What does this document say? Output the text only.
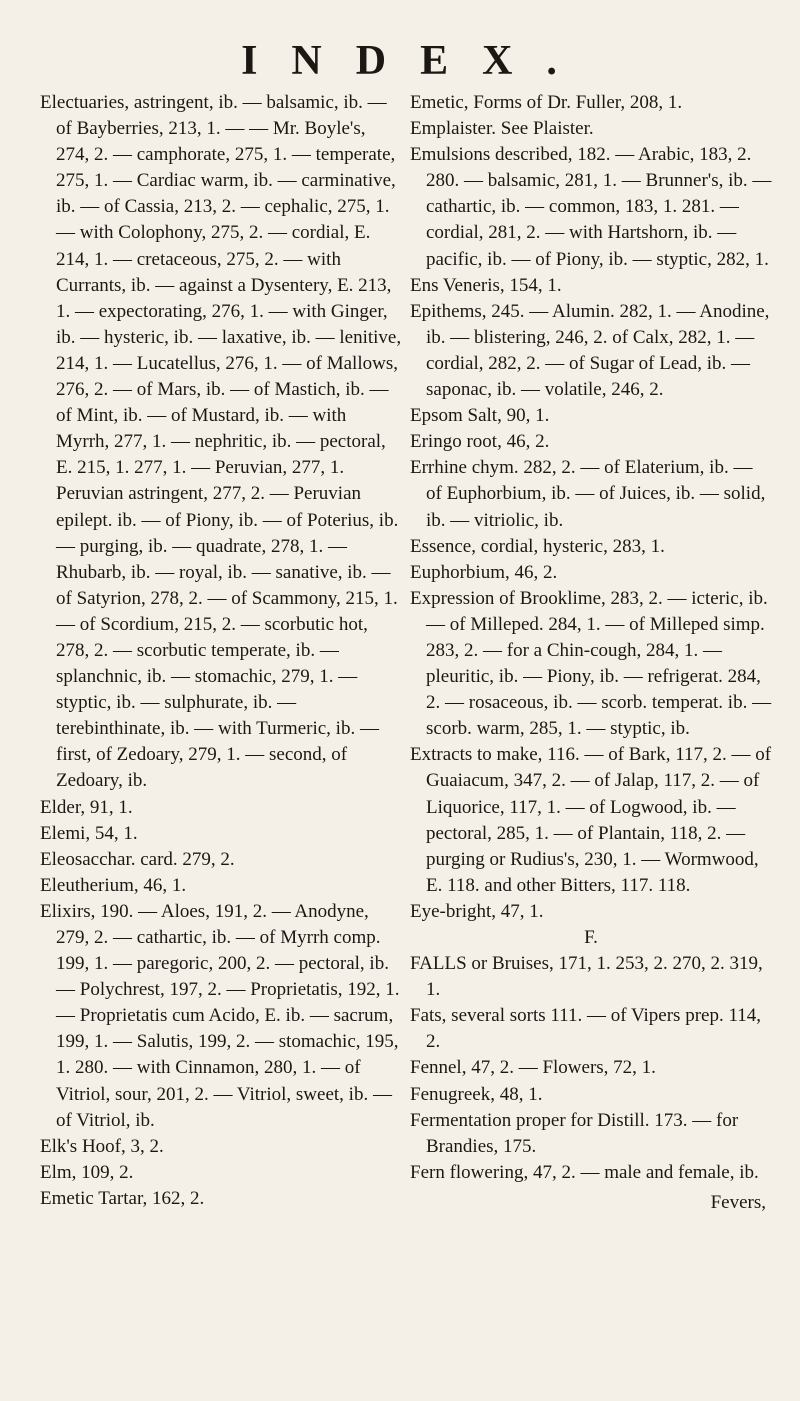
INDEX.

Electuaries, astringent, ib. — balsamic, ib. — of Bayberries, 213, 1. — — Mr. Boyle's, 274, 2. — camphorate, 275, 1. — temperate, 275, 1. — Cardiac warm, ib. — carminative, ib. — of Cassia, 213, 2. — cephalic, 275, 1. — with Colophony, 275, 2. — cordial, E. 214, 1. — cretaceous, 275, 2. — with Currants, ib. — against a Dysentery, E. 213, 1. — expectorating, 276, 1. — with Ginger, ib. — hysteric, ib. — laxative, ib. — lenitive, 214, 1. — Lucatellus, 276, 1. — of Mallows, 276, 2. — of Mars, ib. — of Mastich, ib. — of Mint, ib. — of Mustard, ib. — with Myrrh, 277, 1. — nephritic, ib. — pectoral, E. 215, 1. 277, 1. — Peruvian, 277, 1. Peruvian astringent, 277, 2. — Peruvian epilept. ib. — of Piony, ib. — of Poterius, ib. — purging, ib. — quadrate, 278, 1. — Rhubarb, ib. — royal, ib. — sanative, ib. — of Satyrion, 278, 2. — of Scammony, 215, 1. — of Scordium, 215, 2. — scorbutic hot, 278, 2. — scorbutic temperate, ib. — splanchnic, ib. — stomachic, 279, 1. — styptic, ib. — sulphurate, ib. — terebinthinate, ib. — with Turmeric, ib. — first, of Zedoary, 279, 1. — second, of Zedoary, ib.

Elder, 91, 1.

Elemi, 54, 1.

Eleosacchar. card. 279, 2.

Eleutherium, 46, 1.

Elixirs, 190. — Aloes, 191, 2. — Anodyne, 279, 2. — cathartic, ib. — of Myrrh comp. 199, 1. — paregoric, 200, 2. — pectoral, ib. — Polychrest, 197, 2. — Proprietatis, 192, 1. — Proprietatis cum Acido, E. ib. — sacrum, 199, 1. — Salutis, 199, 2. — stomachic, 195, 1. 280. — with Cinnamon, 280, 1. — of Vitriol, sour, 201, 2. — Vitriol, sweet, ib. — of Vitriol, ib.

Elk's Hoof, 3, 2.

Elm, 109, 2.

Emetic Tartar, 162, 2.

Emetic, Forms of Dr. Fuller, 208, 1.

Emplaister. See Plaister.

Emulsions described, 182. — Arabic, 183, 2. 280. — balsamic, 281, 1. — Brunner's, ib. — cathartic, ib. — common, 183, 1. 281. — cordial, 281, 2. — with Hartshorn, ib. — pacific, ib. — of Piony, ib. — styptic, 282, 1.

Ens Veneris, 154, 1.

Epithems, 245. — Alumin. 282, 1. — Anodine, ib. — blistering, 246, 2. of Calx, 282, 1. — cordial, 282, 2. — of Sugar of Lead, ib. — saponac, ib. — volatile, 246, 2.

Epsom Salt, 90, 1.

Eringo root, 46, 2.

Errhine chym. 282, 2. — of Elaterium, ib. — of Euphorbium, ib. — of Juices, ib. — solid, ib. — vitriolic, ib.

Essence, cordial, hysteric, 283, 1.

Euphorbium, 46, 2.

Expression of Brooklime, 283, 2. — icteric, ib. — of Milleped. 284, 1. — of Milleped simp. 283, 2. — for a Chin-cough, 284, 1. — pleuritic, ib. — Piony, ib. — refrigerat. 284, 2. — rosaceous, ib. — scorb. temperat. ib. — scorb. warm, 285, 1. — styptic, ib.

Extracts to make, 116. — of Bark, 117, 2. — of Guaiacum, 347, 2. — of Jalap, 117, 2. — of Liquorice, 117, 1. — of Logwood, ib. — pectoral, 285, 1. — of Plantain, 118, 2. — purging or Rudius's, 230, 1. — Wormwood, E. 118. and other Bitters, 117. 118.

Eye-bright, 47, 1.

F.

FALLS or Bruises, 171, 1. 253, 2. 270, 2. 319, 1.

Fats, several sorts 111. — of Vipers prep. 114, 2.

Fennel, 47, 2. — Flowers, 72, 1.

Fenugreek, 48, 1.

Fermentation proper for Distill. 173. — for Brandies, 175.

Fern flowering, 47, 2. — male and female, ib.

Fevers,
